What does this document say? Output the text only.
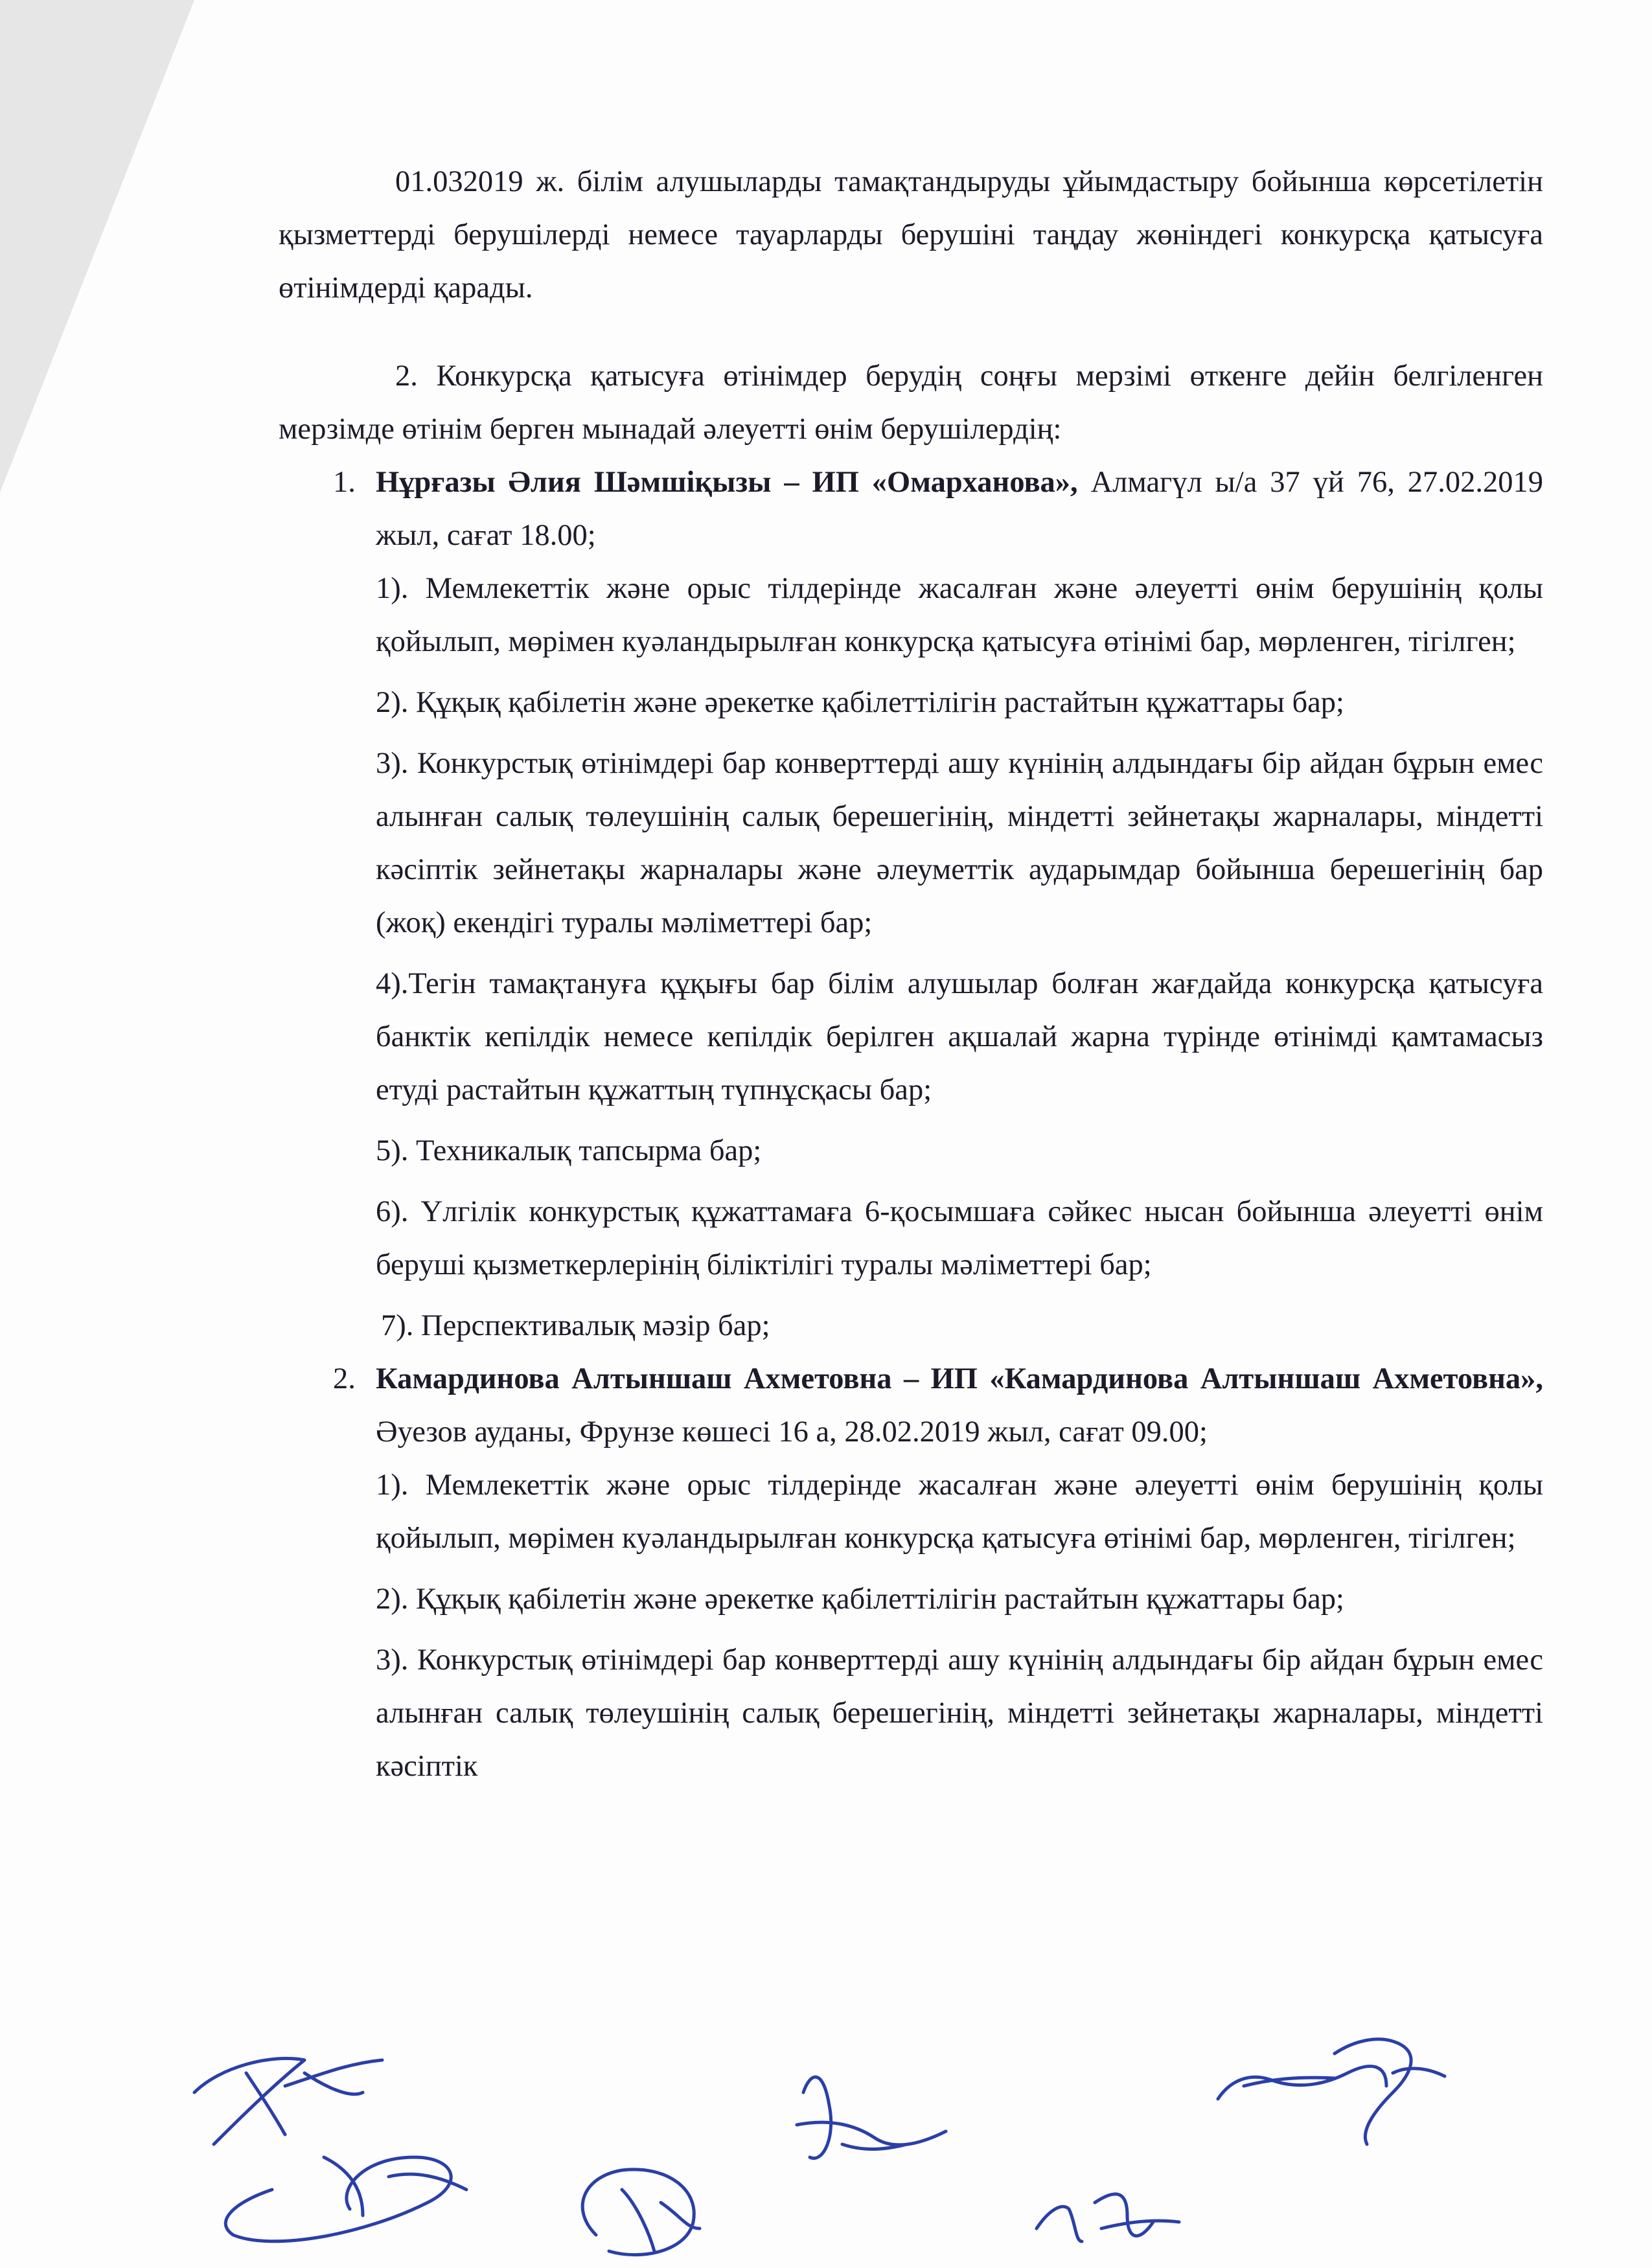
01.032019 ж. білім алушыларды тамақтандыруды ұйымдастыру бойынша көрсетілетін қызметтерді берушілерді немесе тауарларды берушіні таңдау жөніндегі конкурсқа қатысуға өтінімдерді қарады.

2. Конкурсқа қатысуға өтінімдер берудің соңғы мерзімі өткенге дейін белгіленген мерзімде өтінім берген мынадай әлеуетті өнім берушілердің:

1. Нұрғазы Әлия Шәмшіқызы – ИП «Омарханова», Алмагүл ы/а 37 үй 76, 27.02.2019 жыл, сағат 18.00;

1). Мемлекеттік және орыс тілдерінде жасалған және әлеуетті өнім берушінің қолы қойылып, мөрімен куәландырылған конкурсқа қатысуға өтінімі бар, мөрленген, тігілген;

2). Құқық қабілетін және әрекетке қабілеттілігін растайтын құжаттары бар;

3). Конкурстық өтінімдері бар конверттерді ашу күнінің алдындағы бір айдан бұрын емес алынған салық төлеушінің салық берешегінің, міндетті зейнетақы жарналары, міндетті кәсіптік зейнетақы жарналары және әлеуметтік аударымдар бойынша берешегінің бар (жоқ) екендігі туралы мәліметтері бар;

4).Тегін тамақтануға құқығы бар білім алушылар болған жағдайда конкурсқа қатысуға банктік кепілдік немесе кепілдік берілген ақшалай жарна түрінде өтінімді қамтамасыз етуді растайтын құжаттың түпнұсқасы бар;

5). Техникалық тапсырма бар;

6). Үлгілік конкурстық құжаттамаға 6-қосымшаға сәйкес нысан бойынша әлеуетті өнім беруші қызметкерлерінің біліктілігі туралы мәліметтері бар;

7). Перспективалық мәзір бар;

2. Камардинова Алтыншаш Ахметовна – ИП «Камардинова Алтыншаш Ахметовна», Әуезов ауданы, Фрунзе көшесі 16 а, 28.02.2019 жыл, сағат 09.00;

1). Мемлекеттік және орыс тілдерінде жасалған және әлеуетті өнім берушінің қолы қойылып, мөрімен куәландырылған конкурсқа қатысуға өтінімі бар, мөрленген, тігілген;

2). Құқық қабілетін және әрекетке қабілеттілігін растайтын құжаттары бар;

3). Конкурстық өтінімдері бар конверттерді ашу күнінің алдындағы бір айдан бұрын емес алынған салық төлеушінің салық берешегінің, міндетті зейнетақы жарналары, міндетті кәсіптік
